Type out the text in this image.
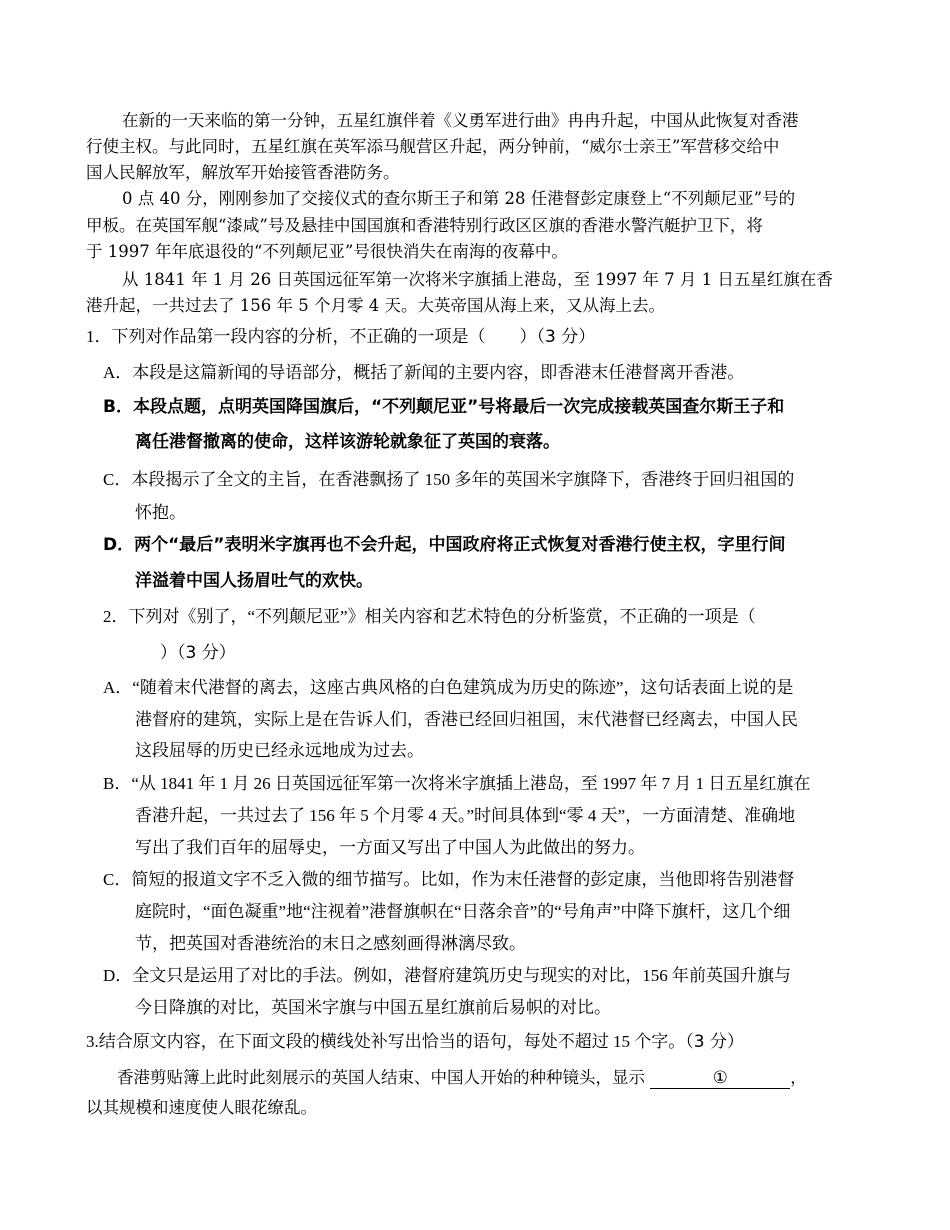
在新的一天来临的第一分钟，五星红旗伴着《义勇军进行曲》冉冉升起，中国从此恢复对香港
行使主权。与此同时，五星红旗在英军添马舰营区升起，两分钟前，“威尔士亲王”军营移交给中
国人民解放军，解放军开始接管香港防务。
0 点 40 分，刚刚参加了交接仪式的查尔斯王子和第 28 任港督彭定康登上“不列颠尼亚”号的
甲板。在英国军舰“漆咸”号及悬挂中国国旗和香港特别行政区区旗的香港水警汽艇护卫下，将
于 1997 年年底退役的“不列颠尼亚”号很快消失在南海的夜幕中。
从 1841 年 1 月 26 日英国远征军第一次将米字旗插上港岛，至 1997 年 7 月 1 日五星红旗在香
港升起，一共过去了 156 年 5 个月零 4 天。大英帝国从海上来，又从海上去。
1．下列对作品第一段内容的分析，不正确的一项是（　　）（3 分）
A．本段是这篇新闻的导语部分，概括了新闻的主要内容，即香港末任港督离开香港。
B．本段点题，点明英国降国旗后，“不列颠尼亚”号将最后一次完成接载英国查尔斯王子和
离任港督撤离的使命，这样该游轮就象征了英国的衰落。
C．本段揭示了全文的主旨，在香港飘扬了 150 多年的英国米字旗降下，香港终于回归祖国的
怀抱。
D．两个“最后”表明米字旗再也不会升起，中国政府将正式恢复对香港行使主权，字里行间
洋溢着中国人扬眉吐气的欢快。
2．下列对《别了，“不列颠尼亚”》相关内容和艺术特色的分析鉴赏，不正确的一项是（
）（3 分）
A．“随着末代港督的离去，这座古典风格的白色建筑成为历史的陈迹”，这句话表面上说的是
港督府的建筑，实际上是在告诉人们，香港已经回归祖国，末代港督已经离去，中国人民
这段屈辱的历史已经永远地成为过去。
B．“从 1841 年 1 月 26 日英国远征军第一次将米字旗插上港岛，至 1997 年 7 月 1 日五星红旗在
香港升起，一共过去了 156 年 5 个月零 4 天。”时间具体到“零 4 天”，一方面清楚、准确地
写出了我们百年的屈辱史，一方面又写出了中国人为此做出的努力。
C．简短的报道文字不乏入微的细节描写。比如，作为末任港督的彭定康，当他即将告别港督
庭院时，“面色凝重”地“注视着”港督旗帜在“日落余音”的“号角声”中降下旗杆，这几个细
节，把英国对香港统治的末日之感刻画得淋漓尽致。
D．全文只是运用了对比的手法。例如，港督府建筑历史与现实的对比，156 年前英国升旗与
今日降旗的对比，英国米字旗与中国五星红旗前后易帜的对比。
3.结合原文内容，在下面文段的横线处补写出恰当的语句，每处不超过 15 个字。（3 分）
香港剪贴簿上此时此刻展示的英国人结束、中国人开始的种种镜头，显示	①	，
以其规模和速度使人眼花缭乱。
